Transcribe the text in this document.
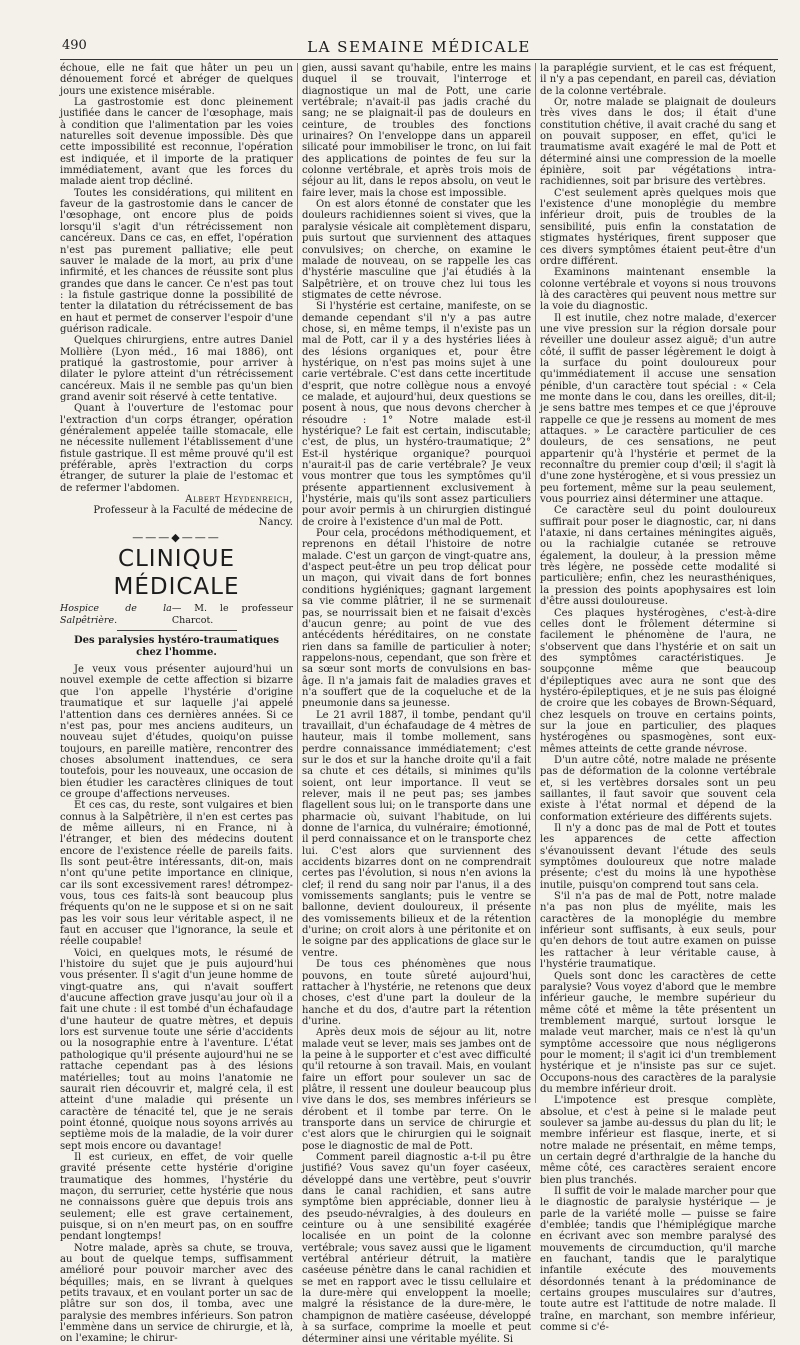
490	LA SEMAINE MÉDICALE

échoue, elle ne fait que hâter un peu un dénouement forcé et abréger de quelques jours une existence misérable.

La gastrostomie est donc pleinement justifiée dans le cancer de l'œsophage, mais à condition que l'alimentation par les voies naturelles soit devenue impossible. Dès que cette impossibilité est reconnue, l'opération est indiquée, et il importe de la pratiquer immédiatement, avant que les forces du malade aient trop décliné.

Toutes les considérations, qui militent en faveur de la gastrostomie dans le cancer de l'œsophage, ont encore plus de poids lorsqu'il s'agit d'un rétrécissement non cancéreux. Dans ce cas, en effet, l'opération n'est pas purement palliative; elle peut sauver le malade de la mort, au prix d'une infirmité, et les chances de réussite sont plus grandes que dans le cancer. Ce n'est pas tout : la fistule gastrique donne la possibilité de tenter la dilatation du rétrécissement de bas en haut et permet de conserver l'espoir d'une guérison radicale.

Quelques chirurgiens, entre autres Daniel Mollière (Lyon méd., 16 mai 1886), ont pratiqué la gastrostomie, pour arriver à dilater le pylore atteint d'un rétrécissement cancéreux. Mais il ne semble pas qu'un bien grand avenir soit réservé à cette tentative.

Quant à l'ouverture de l'estomac pour l'extraction d'un corps étranger, opération généralement appelée taille stomacale, elle ne nécessite nullement l'établissement d'une fistule gastrique. Il est même prouvé qu'il est préférable, après l'extraction du corps étranger, de suturer la plaie de l'estomac et de refermer l'abdomen.

Albert Heydenreich,

Professeur à la Faculté de médecine de Nancy.

———◆———
CLINIQUE MÉDICALE
Hospice de la Salpêtrière.
— M. le professeur Charcot.
Des paralysies hystéro-traumatiques chez l'homme.

Je veux vous présenter aujourd'hui un nouvel exemple de cette affection si bizarre que l'on appelle l'hystérie d'origine traumatique et sur laquelle j'ai appelé l'attention dans ces dernières années. Si ce n'est pas, pour mes anciens auditeurs, un nouveau sujet d'études, quoiqu'on puisse toujours, en pareille matière, rencontrer des choses absolument inattendues, ce sera toutefois, pour les nouveaux, une occasion de bien étudier les caractères cliniques de tout ce groupe d'affections nerveuses.

Et ces cas, du reste, sont vulgaires et bien connus à la Salpêtrière, il n'en est certes pas de même ailleurs, ni en France, ni à l'étranger, et bien des médecins doutent encore de l'existence réelle de pareils faits. Ils sont peut-être intéressants, dit-on, mais n'ont qu'une petite importance en clinique, car ils sont excessivement rares! détrompez-vous, tous ces faits-là sont beaucoup plus fréquents qu'on ne le suppose et si on ne sait pas les voir sous leur véritable aspect, il ne faut en accuser que l'ignorance, la seule et réelle coupable!

Voici, en quelques mots, le résumé de l'histoire du sujet que je puis aujourd'hui vous présenter. Il s'agit d'un jeune homme de vingt-quatre ans, qui n'avait souffert d'aucune affection grave jusqu'au jour où il a fait une chute : il est tombé d'un échafaudage d'une hauteur de quatre mètres, et depuis lors est survenue toute une série d'accidents ou la nosographie entre à l'aventure. L'état pathologique qu'il présente aujourd'hui ne se rattache cependant pas à des lésions matérielles; tout au moins l'anatomie ne saurait rien découvrir et, malgré cela, il est atteint d'une maladie qui présente un caractère de ténacité tel, que je ne serais point étonné, quoique nous soyons arrivés au septième mois de la maladie, de la voir durer sept mois encore ou davantage!

Il est curieux, en effet, de voir quelle gravité présente cette hystérie d'origine traumatique des hommes, l'hystérie du maçon, du serrurier, cette hystérie que nous ne connaissons guère que depuis trois ans seulement; elle est grave certainement, puisque, si on n'en meurt pas, on en souffre pendant longtemps!

Notre malade, après sa chute, se trouva, au bout de quelque temps, suffisamment amélioré pour pouvoir marcher avec des béquilles; mais, en se livrant à quelques petits travaux, et en voulant porter un sac de plâtre sur son dos, il tomba, avec une paralysie des membres inférieurs. Son patron l'emmène dans un service de chirurgie, et là, on l'examine; le chirur-

gien, aussi savant qu'habile, entre les mains duquel il se trouvait, l'interroge et diagnostique un mal de Pott, une carie vertébrale; n'avait-il pas jadis craché du sang; ne se plaignait-il pas de douleurs en ceinture, de troubles des fonctions urinaires? On l'enveloppe dans un appareil silicaté pour immobiliser le tronc, on lui fait des applications de pointes de feu sur la colonne vertébrale, et après trois mois de séjour au lit, dans le repos absolu, on veut le faire lever, mais la chose est impossible.

On est alors étonné de constater que les douleurs rachidiennes soient si vives, que la paralysie vésicale ait complètement disparu, puis surtout que surviennent des attaques convulsives; on cherche, on examine le malade de nouveau, on se rappelle les cas d'hystérie masculine que j'ai étudiés à la Salpêtrière, et on trouve chez lui tous les stigmates de cette névrose.

Si l'hystérie est certaine, manifeste, on se demande cependant s'il n'y a pas autre chose, si, en même temps, il n'existe pas un mal de Pott, car il y a des hystéries liées à des lésions organiques et, pour être hystérique, on n'est pas moins sujet à une carie vertébrale. C'est dans cette incertitude d'esprit, que notre collègue nous a envoyé ce malade, et aujourd'hui, deux questions se posent à nous, que nous devons chercher à résoudre : 1° Notre malade est-il hystérique? Le fait est certain, indiscutable; c'est, de plus, un hystéro-traumatique; 2° Est-il hystérique organique? pourquoi n'aurait-il pas de carie vertébrale? Je veux vous montrer que tous les symptômes qu'il présente appartiennent exclusivement à l'hystérie, mais qu'ils sont assez particuliers pour avoir permis à un chirurgien distingué de croire à l'existence d'un mal de Pott.

Pour cela, procédons méthodiquement, et reprenons en détail l'histoire de notre malade. C'est un garçon de vingt-quatre ans, d'aspect peut-être un peu trop délicat pour un maçon, qui vivait dans de fort bonnes conditions hygiéniques; gagnant largement sa vie comme plâtrier, il ne se surmenait pas, se nourrissait bien et ne faisait d'excès d'aucun genre; au point de vue des antécédents héréditaires, on ne constate rien dans sa famille de particulier à noter; rappelons-nous, cependant, que son frère et sa sœur sont morts de convulsions en bas-âge. Il n'a jamais fait de maladies graves et n'a souffert que de la coqueluche et de la pneumonie dans sa jeunesse.

Le 21 avril 1887, il tombe, pendant qu'il travaillait, d'un échafaudage de 4 mètres de hauteur, mais il tombe mollement, sans perdre connaissance immédiatement; c'est sur le dos et sur la hanche droite qu'il a fait sa chute et ces détails, si minimes qu'ils soient, ont leur importance. Il veut se relever, mais il ne peut pas; ses jambes flagellent sous lui; on le transporte dans une pharmacie où, suivant l'habitude, on lui donne de l'arnica, du vulnéraire; émotionné, il perd connaissance et on le transporte chez lui. C'est alors que surviennent des accidents bizarres dont on ne comprendrait certes pas l'évolution, si nous n'en avions la clef; il rend du sang noir par l'anus, il a des vomissements sanglants; puis le ventre se ballonne, devient douloureux, il présente des vomissements bilieux et de la rétention d'urine; on croit alors à une péritonite et on le soigne par des applications de glace sur le ventre.

De tous ces phénomènes que nous pouvons, en toute sûreté aujourd'hui, rattacher à l'hystérie, ne retenons que deux choses, c'est d'une part la douleur de la hanche et du dos, d'autre part la rétention d'urine.

Après deux mois de séjour au lit, notre malade veut se lever, mais ses jambes ont de la peine à le supporter et c'est avec difficulté qu'il retourne à son travail. Mais, en voulant faire un effort pour soulever un sac de plâtre, il ressent une douleur beaucoup plus vive dans le dos, ses membres inférieurs se dérobent et il tombe par terre. On le transporte dans un service de chirurgie et c'est alors que le chirurgien qui le soignait pose le diagnostic de mal de Pott.

Comment pareil diagnostic a-t-il pu être justifié? Vous savez qu'un foyer caséeux, développé dans une vertèbre, peut s'ouvrir dans le canal rachidien, et sans autre symptôme bien appréciable, donner lieu à des pseudo-névralgies, à des douleurs en ceinture ou à une sensibilité exagérée localisée en un point de la colonne vertébrale; vous savez aussi que le ligament vertébral antérieur détruit, la matière caséeuse pénètre dans le canal rachidien et se met en rapport avec le tissu cellulaire et la dure-mère qui enveloppent la moelle; malgré la résistance de la dure-mère, le champignon de matière caséeuse, développé à sa surface, comprime la moelle et peut déterminer ainsi une véritable myélite. Si

la paraplégie survient, et le cas est fréquent, il n'y a pas cependant, en pareil cas, déviation de la colonne vertébrale.

Or, notre malade se plaignait de douleurs très vives dans le dos; il était d'une constitution chétive, il avait craché du sang et on pouvait supposer, en effet, qu'ici le traumatisme avait exagéré le mal de Pott et déterminé ainsi une compression de la moelle épinière, soit par végétations intra-rachidiennes, soit par brisure des vertèbres.

C'est seulement après quelques mois que l'existence d'une monoplégie du membre inférieur droit, puis de troubles de la sensibilité, puis enfin la constatation de stigmates hystériques, firent supposer que ces divers symptômes étaient peut-être d'un ordre différent.

Examinons maintenant ensemble la colonne vertébrale et voyons si nous trouvons là des caractères qui peuvent nous mettre sur la voie du diagnostic.

Il est inutile, chez notre malade, d'exercer une vive pression sur la région dorsale pour réveiller une douleur assez aiguë; d'un autre côté, il suffit de passer légèrement le doigt à la surface du point douloureux pour qu'immédiatement il accuse une sensation pénible, d'un caractère tout spécial : « Cela me monte dans le cou, dans les oreilles, dit-il; je sens battre mes tempes et ce que j'éprouve rappelle ce que je ressens au moment de mes attaques. » Le caractère particulier de ces douleurs, de ces sensations, ne peut appartenir qu'à l'hystérie et permet de la reconnaître du premier coup d'œil; il s'agit là d'une zone hystérogène, et si vous pressiez un peu fortement, même sur la peau seulement, vous pourriez ainsi déterminer une attaque.

Ce caractère seul du point douloureux suffirait pour poser le diagnostic, car, ni dans l'ataxie, ni dans certaines méningites aiguës, ou la rachialgie cutanée se retrouve également, la douleur, à la pression même très légère, ne possède cette modalité si particulière; enfin, chez les neurasthéniques, la pression des points apophysaires est loin d'être aussi douloureuse.

Ces plaques hystérogènes, c'est-à-dire celles dont le frôlement détermine si facilement le phénomène de l'aura, ne s'observent que dans l'hystérie et on sait un des symptômes caractéristiques. Je soupçonne même que beaucoup d'épileptiques avec aura ne sont que des hystéro-épileptiques, et je ne suis pas éloigné de croire que les cobayes de Brown-Séquard, chez lesquels on trouve en certains points, sur la joue en particulier, des plaques hystérogènes ou spasmogènes, sont eux-mêmes atteints de cette grande névrose.

D'un autre côté, notre malade ne présente pas de déformation de la colonne vertébrale et, si les vertèbres dorsales sont un peu saillantes, il faut savoir que souvent cela existe à l'état normal et dépend de la conformation extérieure des différents sujets.

Il n'y a donc pas de mal de Pott et toutes les apparences de cette affection s'évanouissent devant l'étude des seuls symptômes douloureux que notre malade présente; c'est du moins là une hypothèse inutile, puisqu'on comprend tout sans cela.

S'il n'a pas de mal de Pott, notre malade n'a pas non plus de myélite, mais les caractères de la monoplégie du membre inférieur sont suffisants, à eux seuls, pour qu'en dehors de tout autre examen on puisse les rattacher à leur véritable cause, à l'hystérie traumatique.

Quels sont donc les caractères de cette paralysie? Vous voyez d'abord que le membre inférieur gauche, le membre supérieur du même côté et même la tête présentent un tremblement marqué, surtout lorsque le malade veut marcher, mais ce n'est là qu'un symptôme accessoire que nous négligerons pour le moment; il s'agit ici d'un tremblement hystérique et je n'insiste pas sur ce sujet. Occupons-nous des caractères de la paralysie du membre inférieur droit.

L'impotence est presque complète, absolue, et c'est à peine si le malade peut soulever sa jambe au-dessus du plan du lit; le membre inférieur est flasque, inerte, et si notre malade ne présentait, en même temps, un certain degré d'arthralgie de la hanche du même côté, ces caractères seraient encore bien plus tranchés.

Il suffit de voir le malade marcher pour que le diagnostic de paralysie hystérique — je parle de la variété molle — puisse se faire d'emblée; tandis que l'hémiplégique marche en écrivant avec son membre paralysé des mouvements de circumduction, qu'il marche en fauchant, tandis que le paralytique infantile exécute des mouvements désordonnés tenant à la prédominance de certains groupes musculaires sur d'autres, toute autre est l'attitude de notre malade. Il traîne, en marchant, son membre inférieur, comme si c'é-
